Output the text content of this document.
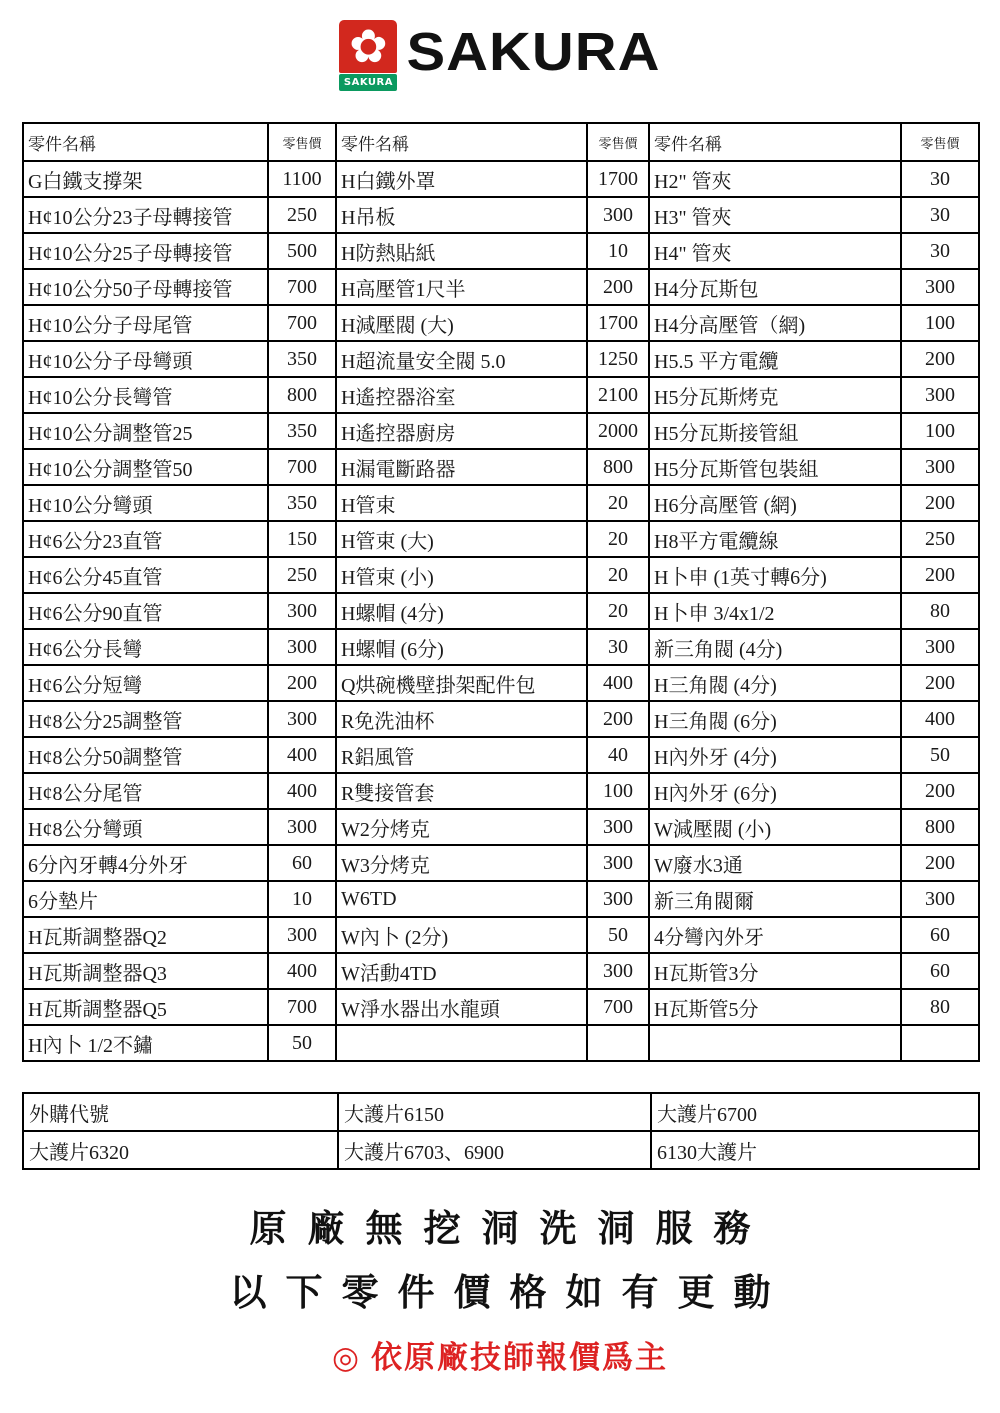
✿
SAKURA
SAKURA
零件名稱	零售價	零件名稱	零售價	零件名稱	零售價
G白鐵支撐架	1100	H白鐵外罩	1700	H2" 管夾	30
H¢10公分23子母轉接管	250	H吊板	300	H3" 管夾	30
H¢10公分25子母轉接管	500	H防熱貼紙	10	H4" 管夾	30
H¢10公分50子母轉接管	700	H高壓管1尺半	200	H4分瓦斯包	300
H¢10公分子母尾管	700	H減壓閥 (大)	1700	H4分高壓管（網)	100
H¢10公分子母彎頭	350	H超流量安全閥 5.0	1250	H5.5 平方電纜	200
H¢10公分長彎管	800	H遙控器浴室	2100	H5分瓦斯烤克	300
H¢10公分調整管25	350	H遙控器廚房	2000	H5分瓦斯接管組	100
H¢10公分調整管50	700	H漏電斷路器	800	H5分瓦斯管包裝組	300
H¢10公分彎頭	350	H管束	20	H6分高壓管 (網)	200
H¢6公分23直管	150	H管束 (大)	20	H8平方電纜線	250
H¢6公分45直管	250	H管束 (小)	20	H卜申 (1英寸轉6分)	200
H¢6公分90直管	300	H螺帽 (4分)	20	H卜申 3/4x1/2	80
H¢6公分長彎	300	H螺帽 (6分)	30	新三角閥 (4分)	300
H¢6公分短彎	200	Q烘碗機壁掛架配件包	400	H三角閥 (4分)	200
H¢8公分25調整管	300	R免洗油杯	200	H三角閥 (6分)	400
H¢8公分50調整管	400	R鋁風管	40	H內外牙 (4分)	50
H¢8公分尾管	400	R雙接管套	100	H內外牙 (6分)	200
H¢8公分彎頭	300	W2分烤克	300	W減壓閥 (小)	800
6分內牙轉4分外牙	60	W3分烤克	300	W廢水3通	200
6分墊片	10	W6TD	300	新三角閥爾	300
H瓦斯調整器Q2	300	W內卜 (2分)	50	4分彎內外牙	60
H瓦斯調整器Q3	400	W活動4TD	300	H瓦斯管3分	60
H瓦斯調整器Q5	700	W淨水器出水龍頭	700	H瓦斯管5分	80
H內卜 1/2不鏽	50				
外購代號	大護片6150	大護片6700
大護片6320	大護片6703、6900	6130大護片
原廠無挖洞洗洞服務
以下零件價格如有更動
◎ 依原廠技師報價爲主
